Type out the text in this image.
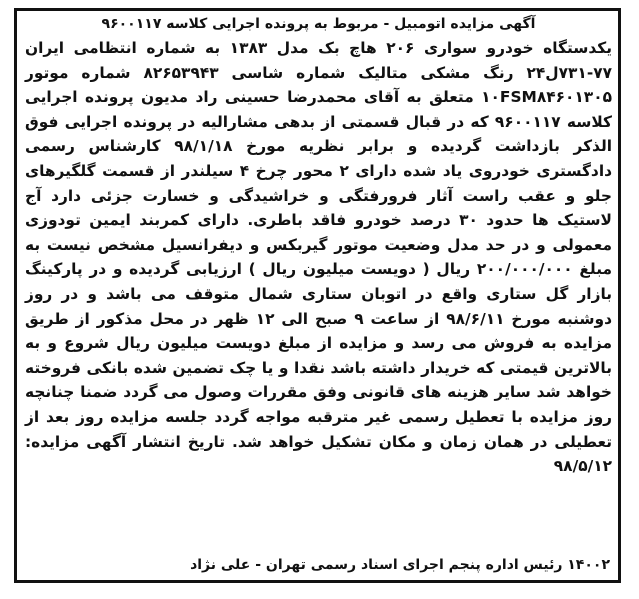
آگهی مزایده اتومبیل - مربوط به پرونده اجرایی کلاسه ۹۶۰۰۱۱۷

یکدستگاه خودرو سواری ۲۰۶ هاچ بک مدل ۱۳۸۳ به شماره انتظامی ایران ۷۷-۷۳۱ل۲۴ رنگ مشکی متالیک شماره شاسی ۸۲۶۵۳۹۴۳ شماره موتور ۱۰FSM۸۴۶۰۱۳۰۵ متعلق به آقای محمدرضا حسینی راد مدیون پرونده اجرایی کلاسه ۹۶۰۰۱۱۷ که در قبال قسمتی از بدهی مشارالیه در پرونده اجرایی فوق الذکر بازداشت گردیده و برابر نظریه مورخ ۹۸/۱/۱۸ کارشناس رسمی دادگستری خودروی یاد شده دارای ۲ محور چرخ ۴ سیلندر از قسمت گلگیرهای جلو و عقب راست آثار فرورفتگی و خراشیدگی و خسارت جزئی دارد آج لاستیک ها حدود ۳۰ درصد خودرو فاقد باطری. دارای کمربند ایمین تودوزی معمولی و در حد مدل وضعیت موتور گیربکس و دیفرانسیل مشخص نیست به مبلغ ۲۰۰/۰۰۰/۰۰۰ ریال ( دویست میلیون ریال ) ارزیابی گردیده و در پارکینگ بازار گل ستاری واقع در اتوبان ستاری شمال متوقف می باشد و در روز دوشنبه مورخ ۹۸/۶/۱۱ از ساعت ۹ صبح الی ۱۲ ظهر در محل مذکور از طریق مزایده به فروش می رسد و مزایده از مبلغ دویست میلیون ریال شروع و به بالاترین قیمتی که خریدار داشته باشد نقدا و یا چک تضمین شده بانکی فروخته خواهد شد سایر هزینه های قانونی وفق مقررات وصول می گردد ضمنا چنانچه روز مزایده با تعطیل رسمی غیر مترقبه مواجه گردد جلسه مزایده روز بعد از تعطیلی در همان زمان و مکان تشکیل خواهد شد. تاریخ انتشار آگهی مزایده: ۹۸/۵/۱۲

۱۴۰۰۲ رئیس اداره پنجم اجرای اسناد رسمی تهران - علی نژاد
